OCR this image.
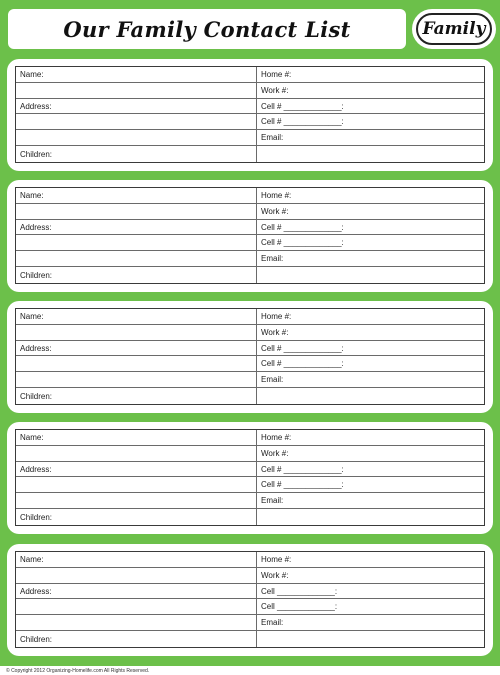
Our Family Contact List	Family
Name:	Home #:
Work #:
Address:	Cell # _____________:
Cell # _____________:
Email:
Children:
Name:	Home #:
Work #:
Address:	Cell # _____________:
Cell # _____________:
Email:
Children:
Name:	Home #:
Work #:
Address:	Cell # _____________:
Cell # _____________:
Email:
Children:
Name:	Home #:
Work #:
Address:	Cell # _____________:
Cell # _____________:
Email:
Children:
Name:	Home #:
Work #:
Address:	Cell _____________:
Cell _____________:
Email:
Children:
© Copyright 2012 Organizing-Homelife.com All Rights Reserved.
